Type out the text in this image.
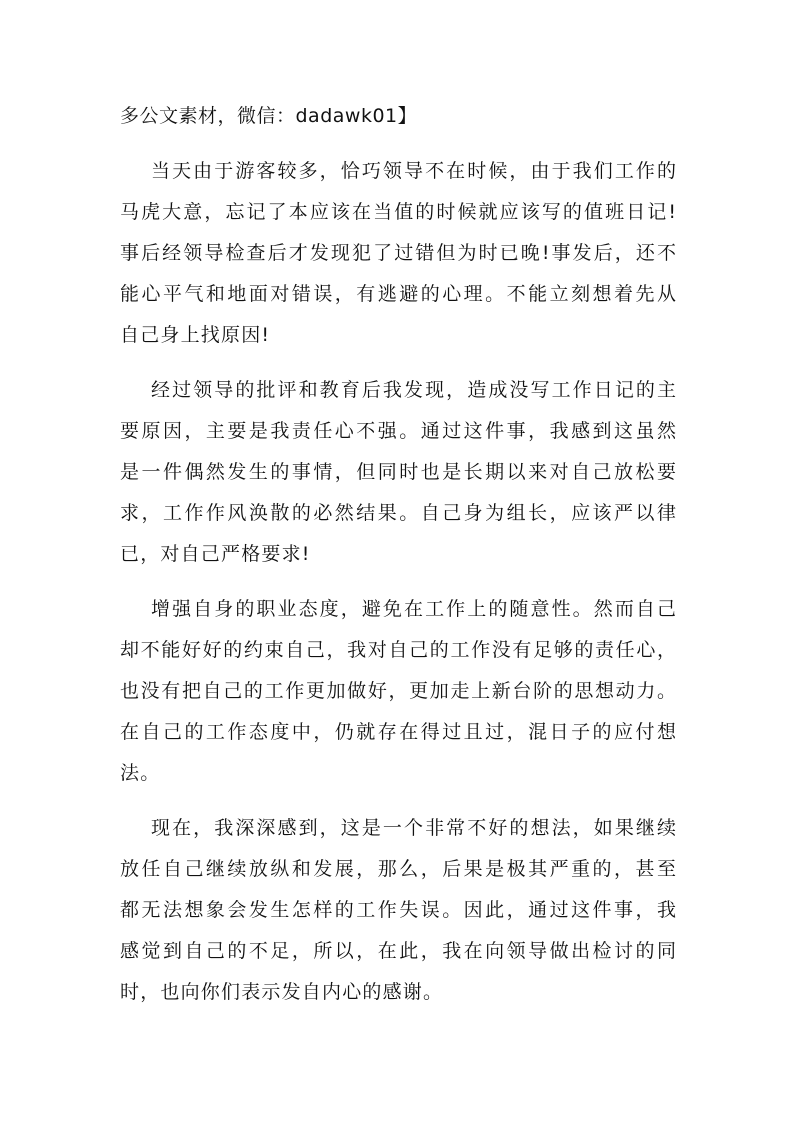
多公文素材，微信：dadawk01】
当天由于游客较多，恰巧领导不在时候，由于我们工作的
马虎大意，忘记了本应该在当值的时候就应该写的值班日记!
事后经领导检查后才发现犯了过错但为时已晚!事发后，还不
能心平气和地面对错误，有逃避的心理。不能立刻想着先从
自己身上找原因!
经过领导的批评和教育后我发现，造成没写工作日记的主
要原因，主要是我责任心不强。通过这件事，我感到这虽然
是一件偶然发生的事情，但同时也是长期以来对自己放松要
求，工作作风涣散的必然结果。自己身为组长，应该严以律
已，对自己严格要求!
增强自身的职业态度，避免在工作上的随意性。然而自己
却不能好好的约束自己，我对自己的工作没有足够的责任心，
也没有把自己的工作更加做好，更加走上新台阶的思想动力。
在自己的工作态度中，仍就存在得过且过，混日子的应付想
法。
现在，我深深感到，这是一个非常不好的想法，如果继续
放任自己继续放纵和发展，那么，后果是极其严重的，甚至
都无法想象会发生怎样的工作失误。因此，通过这件事，我
感觉到自己的不足，所以，在此，我在向领导做出检讨的同
时，也向你们表示发自内心的感谢。
